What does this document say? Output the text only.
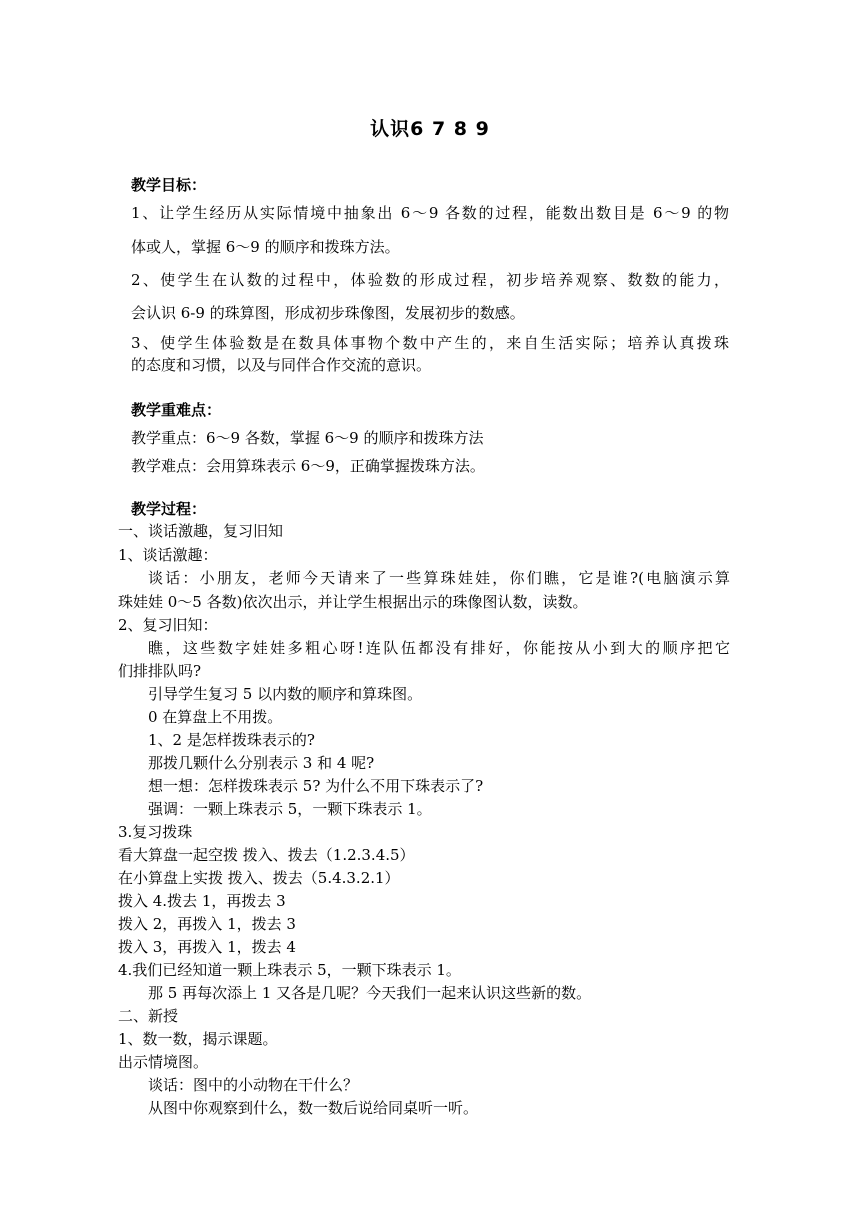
认识6 7 8 9
教学目标：
1、让学生经历从实际情境中抽象出 6～9 各数的过程，能数出数目是 6～9 的物
体或人，掌握 6～9 的顺序和拨珠方法。
2、使学生在认数的过程中，体验数的形成过程，初步培养观察、数数的能力，
会认识 6-9 的珠算图，形成初步珠像图，发展初步的数感。
3、使学生体验数是在数具体事物个数中产生的，来自生活实际；培养认真拨珠
的态度和习惯，以及与同伴合作交流的意识。
教学重难点：
教学重点：6～9 各数，掌握 6～9 的顺序和拨珠方法
教学难点：会用算珠表示 6～9，正确掌握拨珠方法。
教学过程：
一、谈话激趣，复习旧知
1、谈话激趣：
谈话：小朋友，老师今天请来了一些算珠娃娃，你们瞧，它是谁?(电脑演示算
珠娃娃 0～5 各数)依次出示，并让学生根据出示的珠像图认数，读数。
2、复习旧知：
瞧，这些数字娃娃多粗心呀!连队伍都没有排好，你能按从小到大的顺序把它
们排排队吗?
引导学生复习 5 以内数的顺序和算珠图。
0 在算盘上不用拨。
1、2 是怎样拨珠表示的?
那拨几颗什么分别表示 3 和 4 呢?
想一想：怎样拨珠表示 5? 为什么不用下珠表示了?
强调：一颗上珠表示 5，一颗下珠表示 1。
3.复习拨珠
看大算盘一起空拨 拨入、拨去（1.2.3.4.5）
在小算盘上实拨 拨入、拨去（5.4.3.2.1）
拨入 4.拨去 1，再拨去 3
拨入 2，再拨入 1，拨去 3
拨入 3，再拨入 1，拨去 4
4.我们已经知道一颗上珠表示 5，一颗下珠表示 1。
那 5 再每次添上 1 又各是几呢？今天我们一起来认识这些新的数。
二、新授
1、数一数，揭示课题。
出示情境图。
谈话：图中的小动物在干什么？
从图中你观察到什么，数一数后说给同桌听一听。
